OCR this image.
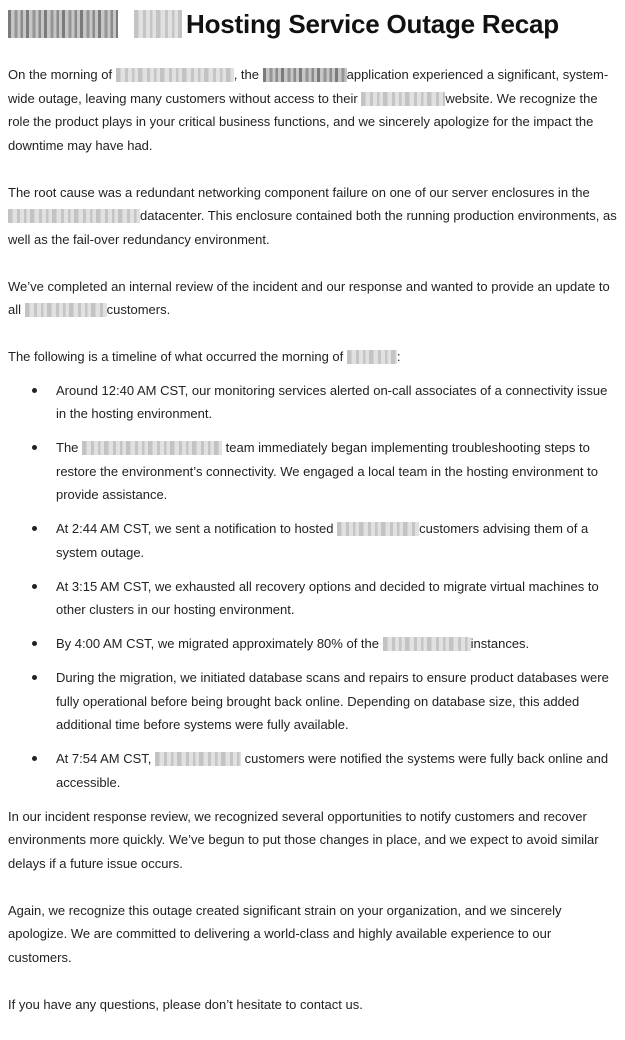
Hosting Service Outage Recap

On the morning of	, the	application experienced a significant, system-wide outage, leaving many customers without access to their	website. We recognize the role the product plays in your critical business functions, and we sincerely apologize for the impact the downtime may have had.

The root cause was a redundant networking component failure on one of our server enclosures in the datacenter. This enclosure contained both the running production environments, as well as the fail-over redundancy environment.

We’ve completed an internal review of the incident and our response and wanted to provide an update to all	customers.

The following is a timeline of what occurred the morning of	:

Around 12:40 AM CST, our monitoring services alerted on-call associates of a connectivity issue in the hosting environment.
The	team immediately began implementing troubleshooting steps to restore the environment’s connectivity. We engaged a local team in the hosting environment to provide assistance.
At 2:44 AM CST, we sent a notification to hosted	customers advising them of a system outage.
At 3:15 AM CST, we exhausted all recovery options and decided to migrate virtual machines to other clusters in our hosting environment.
By 4:00 AM CST, we migrated approximately 80% of the	instances.
During the migration, we initiated database scans and repairs to ensure product databases were fully operational before being brought back online. Depending on database size, this added additional time before systems were fully available.
At 7:54 AM CST,	customers were notified the systems were fully back online and accessible.

In our incident response review, we recognized several opportunities to notify customers and recover environments more quickly. We’ve begun to put those changes in place, and we expect to avoid similar delays if a future issue occurs.

Again, we recognize this outage created significant strain on your organization, and we sincerely apologize. We are committed to delivering a world-class and highly available experience to our customers.

If you have any questions, please don’t hesitate to contact us.
